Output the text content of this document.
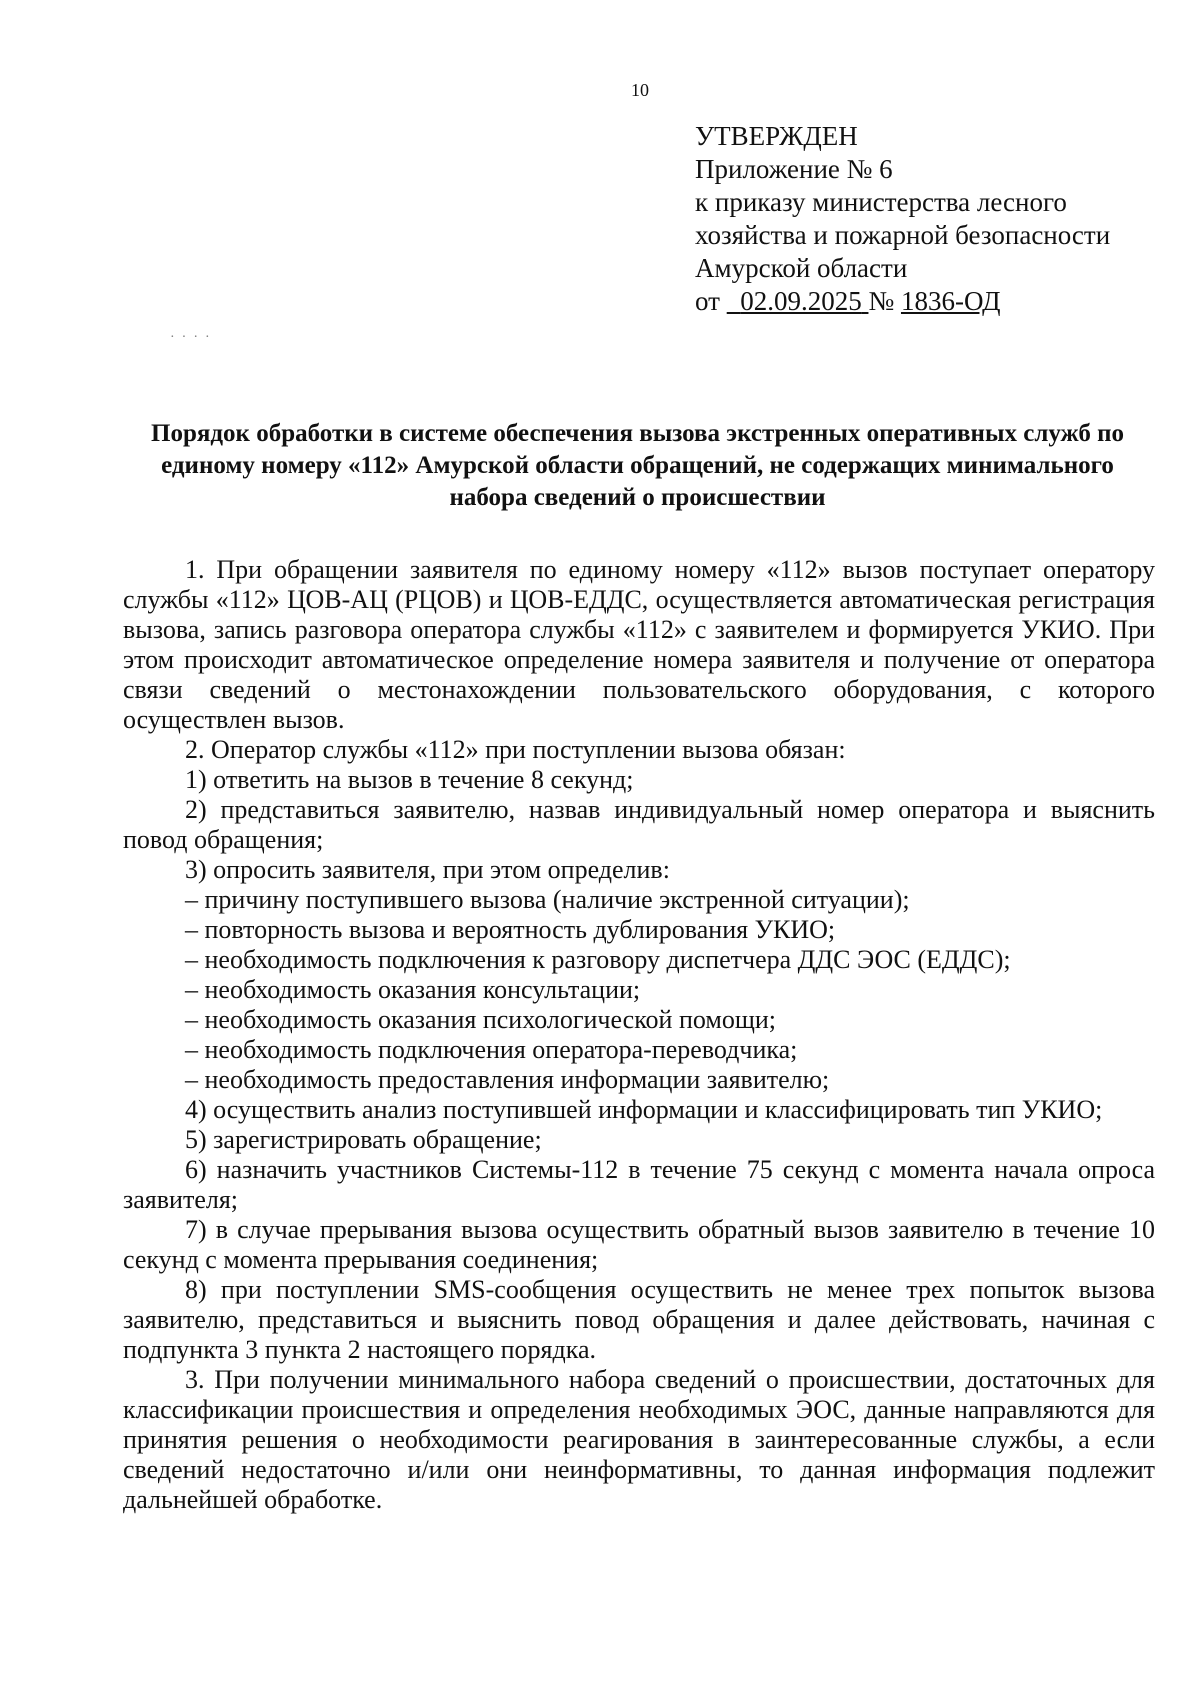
10
УТВЕРЖДЕН
Приложение № 6
к приказу министерства лесного
хозяйства и пожарной безопасности
Амурской области
от   02.09.2025 № 1836-ОД
·  ·  ·  ·
Порядок обработки в системе обеспечения вызова экстренных оперативных служб по единому номеру «112» Амурской области обращений, не содержащих минимального набора сведений о происшествии

1. При обращении заявителя по единому номеру «112» вызов поступает оператору службы «112» ЦОВ-АЦ (РЦОВ) и ЦОВ-ЕДДС, осуществляется автоматическая регистрация вызова, запись разговора оператора службы «112» с заявителем и формируется УКИО. При этом происходит автоматическое определение номера заявителя и получение от оператора связи сведений о местонахождении пользовательского оборудования, с которого осуществлен вызов.

2. Оператор службы «112» при поступлении вызова обязан:

1) ответить на вызов в течение 8 секунд;

2) представиться заявителю, назвав индивидуальный номер оператора и выяснить повод обращения;

3) опросить заявителя, при этом определив:

– причину поступившего вызова (наличие экстренной ситуации);

– повторность вызова и вероятность дублирования УКИО;

– необходимость подключения к разговору диспетчера ДДС ЭОС (ЕДДС);

– необходимость оказания консультации;

– необходимость оказания психологической помощи;

– необходимость подключения оператора-переводчика;

– необходимость предоставления информации заявителю;

4) осуществить анализ поступившей информации и классифицировать тип УКИО;

5) зарегистрировать обращение;

6) назначить участников Системы-112 в течение 75 секунд с момента начала опроса заявителя;

7) в случае прерывания вызова осуществить обратный вызов заявителю в течение 10 секунд с момента прерывания соединения;

8) при поступлении SMS-сообщения осуществить не менее трех попыток вызова заявителю, представиться и выяснить повод обращения и далее действовать, начиная с подпункта 3 пункта 2 настоящего порядка.

3. При получении минимального набора сведений о происшествии, достаточных для классификации происшествия и определения необходимых ЭОС, данные направляются для принятия решения о необходимости реагирования в заинтересованные службы, а если сведений недостаточно и/или они неинформативны, то данная информация подлежит дальнейшей обработке.
